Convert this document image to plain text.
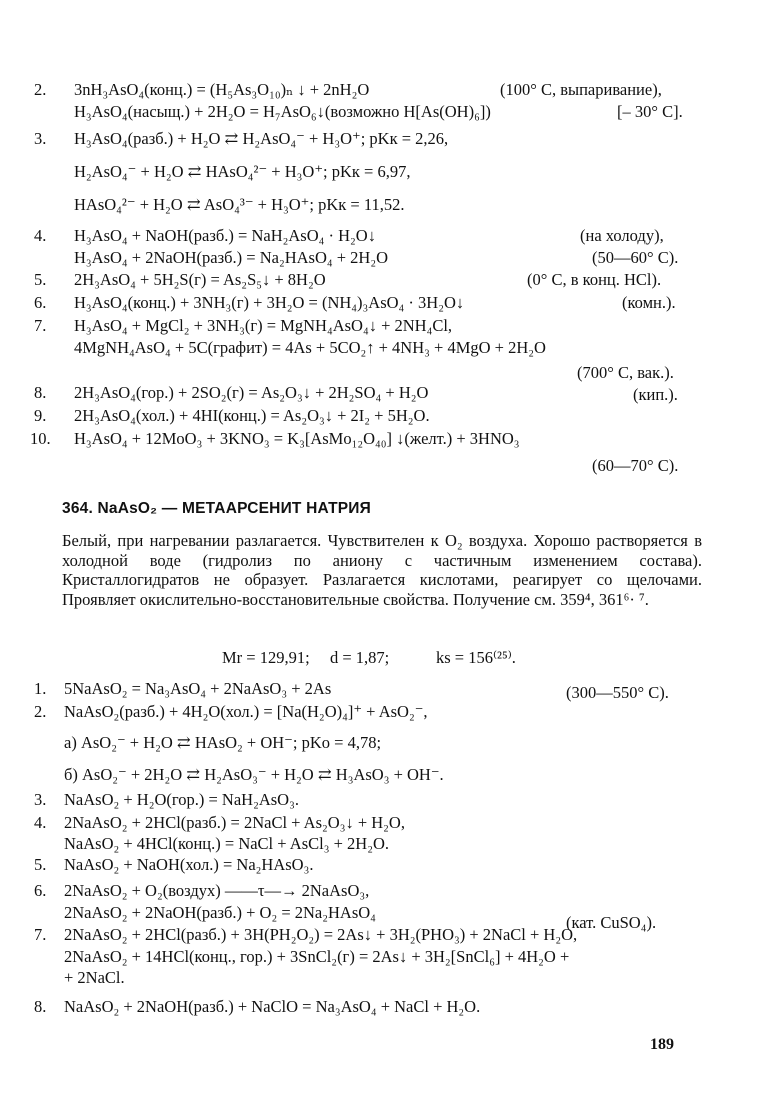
2. 3nH₃AsO₄(конц.) = (H₅As₃O₁₀)ₙ ↓ + 2nH₂O	(100° С, выпаривание),
H₃AsO₄(насыщ.) + 2H₂O = H₇AsO₆↓(возможно H[As(OH)₆])	[– 30° С].
3. H₃AsO₄(разб.) + H₂O ⇄ H₂AsO₄⁻ + H₃O⁺; pKк = 2,26,
H₂AsO₄⁻ + H₂O ⇄ HAsO₄²⁻ + H₃O⁺; pKк = 6,97,
HAsO₄²⁻ + H₂O ⇄ AsO₄³⁻ + H₃O⁺; pKк = 11,52.
4. H₃AsO₄ + NaOH(разб.) = NaH₂AsO₄ · H₂O↓	(на холоду),
H₃AsO₄ + 2NaOH(разб.) = Na₂HAsO₄ + 2H₂O	(50—60° С).
5. 2H₃AsO₄ + 5H₂S(г) = As₂S₅↓ + 8H₂O	(0° С, в конц. HCl).
6. H₃AsO₄(конц.) + 3NH₃(г) + 3H₂O = (NH₄)₃AsO₄ · 3H₂O↓	(комн.).
7. H₃AsO₄ + MgCl₂ + 3NH₃(г) = MgNH₄AsO₄↓ + 2NH₄Cl,
4MgNH₄AsO₄ + 5C(графит) = 4As + 5CO₂↑ + 4NH₃ + 4MgO + 2H₂O
(700° С, вак.).
8. 2H₃AsO₄(гор.) + 2SO₂(г) = As₂O₃↓ + 2H₂SO₄ + H₂O	(кип.).
9. 2H₃AsO₄(хол.) + 4HI(конц.) = As₂O₃↓ + 2I₂ + 5H₂O.
10. H₃AsO₄ + 12MoO₃ + 3KNO₃ = K₃[AsMo₁₂O₄₀] ↓(желт.) + 3HNO₃
(60—70° С).
364. NaAsO₂ — МЕТААРСЕНИТ НАТРИЯ
Белый, при нагревании разлагается. Чувствителен к O₂ воздуха. Хорошо растворяется в холодной воде (гидролиз по аниону с частичным изменением состава). Кристаллогидратов не образует. Разлагается кислотами, реагирует со щелочами. Проявляет окислительно-восстановительные свойства. Получение см. 359⁴, 361⁶· ⁷.
Mr = 129,91; d = 1,87;	ks = 156⁽²⁵⁾.
1. 5NaAsO₂ = Na₃AsO₄ + 2NaAsO₃ + 2As	(300—550° С).
2. NaAsO₂(разб.) + 4H₂O(хол.) = [Na(H₂O)₄]⁺ + AsO₂⁻,
а) AsO₂⁻ + H₂O ⇄ HAsO₂ + OH⁻; pKо = 4,78;
б) AsO₂⁻ + 2H₂O ⇄ H₂AsO₃⁻ + H₂O ⇄ H₃AsO₃ + OH⁻.
3. NaAsO₂ + H₂O(гор.) = NaH₂AsO₃.
4. 2NaAsO₂ + 2HCl(разб.) = 2NaCl + As₂O₃↓ + H₂O,
NaAsO₂ + 4HCl(конц.) = NaCl + AsCl₃ + 2H₂O.
5. NaAsO₂ + NaOH(хол.) = Na₂HAsO₃.
6. 2NaAsO₂ + O₂(воздух) ——τ—→ 2NaAsO₃,
2NaAsO₂ + 2NaOH(разб.) + O₂ = 2Na₂HAsO₄
(кат. CuSO₄).
7. 2NaAsO₂ + 2HCl(разб.) + 3H(PH₂O₂) = 2As↓ + 3H₂(PHO₃) + 2NaCl + H₂O,
2NaAsO₂ + 14HCl(конц., гор.) + 3SnCl₂(г) = 2As↓ + 3H₂[SnCl₆] + 4H₂O +
+ 2NaCl.
8. NaAsO₂ + 2NaOH(разб.) + NaClO = Na₃AsO₄ + NaCl + H₂O.
189
